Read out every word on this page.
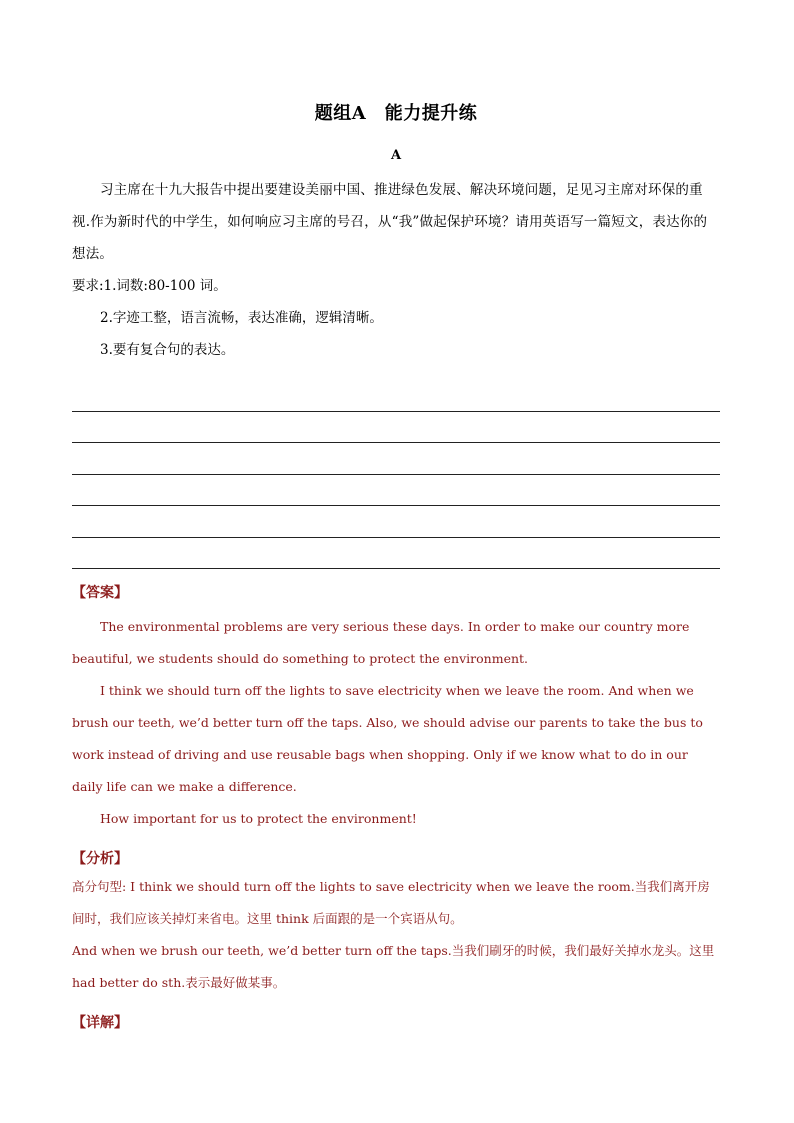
题组A　能力提升练
A

习主席在十九大报告中提出要建设美丽中国、推进绿色发展、解决环境问题，足见习主席对环保的重视.作为新时代的中学生，如何响应习主席的号召，从“我”做起保护环境？请用英语写一篇短文，表达你的想法。

要求:1.词数:80-100 词。

2.字迹工整，语言流畅，表达准确，逻辑清晰。

3.要有复合句的表达。

【答案】

The environmental problems are very serious these days. In order to make our country more beautiful, we students should do something to protect the environment.

I think we should turn off the lights to save electricity when we leave the room. And when we brush our teeth, we’d better turn off the taps. Also, we should advise our parents to take the bus to work instead of driving and use reusable bags when shopping. Only if we know what to do in our daily life can we make a difference.

How important for us to protect the environment!

【分析】

高分句型: I think we should turn off the lights to save electricity when we leave the room.当我们离开房间时，我们应该关掉灯来省电。这里 think 后面跟的是一个宾语从句。

And when we brush our teeth, we’d better turn off the taps.当我们刷牙的时候，我们最好关掉水龙头。这里 had better do sth.表示最好做某事。

【详解】
